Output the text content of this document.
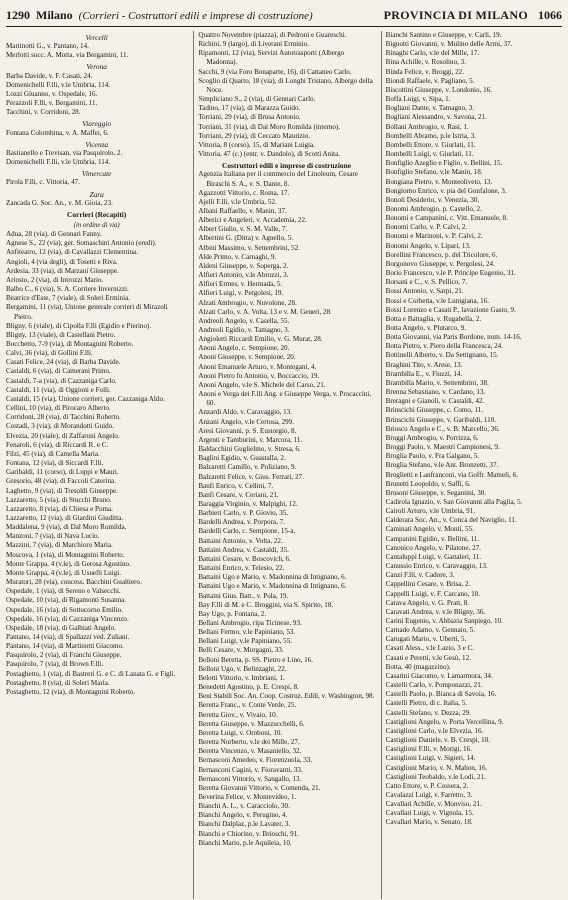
1290 Milano (Corrieri - Costruttori edili e imprese di costruzione)	PROVINCIA DI MILANO 1066
Vercelli
Martinotti G., v. Pantano, 14.
Merlotti succ. A. Motta, via Bergamini, 11.
Verona
Barba Davide, v. F. Casati, 24.
Domenichelli F.lli, v.le Umbria, 114.
Lozzi Giuanno, v. Ospedale, 16.
Perazzoli F.lli, v. Bergamini, 11.
Tacchini, v. Corridoni, 28.
Viareggio
Fontana Colombina, v. A. Maffei, 6.
Vicenza
Bastianello e Trevisan, via Pasquirolo, 2.
Domenichelli F.lli, v.le Umbria, 114.
Vimercate
Pirola F.lli, c. Vittoria, 47.
Zara
Zancada G. Soc. An., v. M. Gioia, 23.
Corrieri (Recapiti)
(in ordine di via)
Adua, 28 (via), di Gennari Fanny.
Agnese S., 22 (via), ger. Somaschini Antonio (eredi).
Anfiteatro, 12 (via), di Cavallazzi Clementina.
Angioli, 4 (via degli), di Tosetti e Riva.
Ardesia, 33 (via), di Marzani Giuseppe.
Ariosto, 2 (via), di Introzzi Mario.
Balbo C., 6 (via), S. A. Corriere Invernizzi.
Beatrice d'Este, 7 (viale), di Soleri Erminia.
Bergamini, 11 (via), Unione generale corrieri di Mirazoli Pietro.
Bligny, 6 (viale), di Cipolla F.lli (Egidio e Pierino).
Bligny, 13 (viale), di Castellani Pietro.
Bocchetto, 7-9 (via), di Montagnini Roberto.
Calvi, 36 (via), di Gollini F.lli.
Casati Felice, 24 (via), di Barba Davide.
Castaldi, 6 (via), di Camerani Primo.
Castaldi, 7-a (via), di Cazzaniga Carlo.
Castaldi, 11 (via), di Oggioni e Folli.
Castaldi, 15 (via), Unione corrieri, ger. Cazzaniga Aldo.
Cellini, 10 (via), di Pirocaro Alberto.
Corridoni, 28 (via), di Tacchini Roberto.
Costadi, 3 (via), di Morandotti Guido.
Elvezia, 20 (viale), di Zaffaroni Angelo.
Fenaroli, 6 (via), di Riccardi R. e C.
Filzi, 45 (via), di Camella Maria.
Fontana, 12 (via), di Siccardi F.lli.
Garibaldi, 11 (corso), di Luppi e Mauri.
Gresorio, 48 (via), di Faccoli Caterina.
Laghetto, 9 (via), di Tresoldi Giuseppe.
Lazzaretto, 5 (via), di Stucchi Bruno.
Lazzaretto, 8 (via), di Chiesa e Poma.
Lazzaretto, 12 (via), di Giardini Giuditta.
Maddalena, 9 (via), di Dal Moro Romilda.
Manzoni, 7 (via), di Nava Lucio.
Mazzini, 7 (via), di Marchioro Maria.
Moscova, 1 (via), di Montagnini Roberto.
Monte Grappa, 4 (v.le), di Gerosa Agostino.
Monte Grappa, 4 (v.le), di Usuelli Luigi.
Muratori, 28 (via), concess. Bacchini Gualtiero.
Ospedale, 1 (via), di Sereno e Valsecchi.
Ospedale, 10 (via), di Rigamonti Susanna.
Ospedale, 16 (via), di Sottocorno Emilio.
Ospedale, 16 (via), di Cazzaniga Vincenzo.
Ospedale, 18 (via), di Galbiati Angelo.
Pantano, 14 (via), di Spallazzi ved. Zuliani.
Pantano, 14 (via), di Martinotti Giacomo.
Pasquirolo, 2 (via), di Franchi Giuseppe.
Pasquirolo, 7 (via), di Brown F.lli.
Postaghetto, 1 (via), di Bastreri G. e C. di Lanata G. e Figli.
Postaghetto, 8 (via), di Soleri Maria.
Postaghetto, 12 (via), di Montagnini Roberto.
Quattro Novembre (piazza), di Pedroni e Guareschi.
Richini, 9 (largo), di Liverani Erminio.
Ripamonti, 12 (via), Servizi Autotrasporti (Albergo Madonna).
Sacchi, 9 (via Foro Bonaparte, 16), di Cattaneo Carlo.
Scoglio di Quarto, 18 (via), di Longhi Tristano, Albergo della Noce.
Simpliciano S., 2 (via), di Gennari Carlo.
Tadino, 17 (via), di Marazza Guido.
Torriani, 29 (via), di Brusa Antonio.
Torriani, 31 (via), di Dal Moro Romilda (interno).
Torriani, 29 (via), di Ceccato Maurizio.
Vittoria, 8 (corso), 15, di Mariani Luigia.
Vittoria, 47 (c.) (entr. v. Dandolo), di Scotti Anita.
Costruttori edili e imprese di costruzione
Agenzia Italiana per il commercio del Linoleum, Cesare Biraschi S. A., v. S. Dante, 8.
Agazzotti Vittorio, c. Roma, 17.
Ajelli F.lli, v.le Umbria, 52.
Albani Raffaello, v. Manin, 37.
Alberici e Angeleri, v. Accademia, 22.
Albert Giulio, v. S. M. Valle, 7.
Albertini G. (Ditta) v. Agnello, 5.
Albini Massimo, v. Settembrini, 52.
Alde Primo, v. Carnaghi, 9.
Aldeni Giuseppe, v. Soperga, 2.
Alfieri Antonio, v.le Abruzzi, 3.
Alfieri Ermes, v. Hermada, 5.
Alfieri Luigi, v. Pergolesi, 19.
Alzati Ambrogio, v. Nuvolone, 28.
Alzati Carlo, v. A. Volta, 13 e v. M. Generi, 28.
Andreoli Angelo, v. Casella, 55.
Andreoli Egidio, v. Tamagno, 3.
Angioletti Riccardi Emilio, v. G. Murat, 28.
Anoni Angelo, c. Sempione, 20.
Anoni Giuseppe, v. Sempione, 20.
Anoni Emanuele Arturo, v. Montegani, 4.
Anoni Pietro fu Antonio, v. Boccaccio, 19.
Anoni Angelo, v.le S. Michele del Carso, 21.
Anoni e Verga dei F.lli Ang. e Giuseppe Verga, v. Procaccini, 60.
Anzardi Aldo, v. Caravaggio, 13.
Anzani Angelo, v.le Certosa, 299.
Aresi Giovanni, p. S. Eustorgio, 8.
Argenti e Tamburini, v. Marcora, 11.
Baldacchini Guglielmo, v. Stresa, 6.
Baglini Egidio, v. Guastalla, 2.
Balzaretti Camillo, v. Poliziano, 9.
Balzaretti Felice, v. Gius. Ferrari, 27.
Banfi Enrico, v. Cellini, 7.
Banfi Cesare, v. Ceriani, 21.
Baraggia Virginio, v. Malpighi, 12.
Barbieri Carlo, v. P. Giovio, 35.
Bardelli Andrea, v. Porpora, 7.
Bardelli Carlo, c. Sempione, 15-a.
Battaini Antonio, v. Volta, 22.
Battaini Andrea, v. Castaldi, 35.
Battaini Cesare, v. Boscovich, 6.
Battaini Enrico, v. Telesio, 22.
Battaini Ugo e Mario, v. Madonnina di Intignano, 6.
Battaini Ugo e Mario, v. Madonnina di Intignano, 6.
Battaini Gius. Batt., v. Pola, 19.
Bay F.lli di M. e C. Broggini, via S. Spirito, 18.
Bay Ugo, p. Fontana, 2.
Bellani Ambrogio, ripa Ticinese, 93.
Bellani Fermo, v.le Papiniano, 53.
Bellani Luigi, v.le Papiniano, 55.
Belli Cesare, v. Morgagni, 33.
Belloni Beretta, p. SS. Pietro e Lino, 16.
Belloni Ugo, v. Belinzaghi, 22.
Belotti Vittorio, v. Imbriani, 1.
Benedetti Agostino, p. E. Crespi, 8.
Beni Stabili Soc. An. Coop. Costruz. Edili, v. Washington, 98.
Beretta Franc., v. Conte Verde, 25.
Beretta Giov., v. Vivaio, 10.
Beretta Giuseppe, v. Mazzucchelli, 6.
Beretta Luigi, v. Oroboni, 10.
Beretta Norberto, v.le dei Mille, 27.
Beretta Vincenzo, v. Masaniello, 32.
Bernasconi Amedeo, v. Fiorenzuola, 33.
Bernasconi Cagini, v. Fioravanti, 33.
Bernasconi Vittorio, v. Sangallo, 13.
Beretta Giovanni Vittorio, v. Comenda, 21.
Beverina Felice, v. Montevideo, 1.
Bianchi A. L., v. Caracciolo, 30.
Bianchi Angelo, v. Perugino, 4.
Bianchi Dalplaz, p.le Lavater, 3.
Bianchi e Chiorino, v. Brioschi, 91.
Bianchi Mario, p.le Aquileia, 10.
Bianchi Santino e Giuseppe, v. Carli, 19.
Bignotti Giovanni, v. Mulino delle Armi, 37.
Binaghi Carlo, v.le del Mille, 17.
Bina Achille, v. Rosolino, 3.
Binda Felice, v. Broggi, 22.
Biondi Raffaele, v. Pagliano, 5.
Biscottini Giuseppe, v. Londonio, 16.
Boffa Luigi, v. Sipa, 1.
Bogliani Dante, v. Tamagno, 3.
Bogliani Alessandro, v. Savona, 21.
Bollani Ambrogio, v. Rasi, 1.
Bombelli Abramo, p.le Istria, 3.
Bombelli Ettore, v. Giurlati, 11.
Bombelli Luigi, v. Giurlati, 11.
Bonfiglio Azeglio e Figlio, v. Bellini, 15.
Bonfiglio Stefano, v.le Manin, 18.
Bongiana Pietro, v. Monteoliveto, 13.
Bongiorno Enrico, v. pia del Gonfalone, 3.
Bonoli Desiderio, v. Venezia, 30.
Bonomi Ambrogio, p. Castello, 2.
Bonomi e Campanini, c. Vitt. Emanuele, 8.
Bonomi Carlo, v. P. Calvi, 2.
Bonomi e Marinoni, v. P. Calvi, 2.
Bonomi Angelo, v. Lipari, 13.
Borellini Francesco, p. del Tricolore, 6.
Borgonovo Giuseppe, v. Pergolesi, 24.
Borio Francesco, v.le P. Principe Eugenio, 31.
Borsani e C., v. S. Pellico, 7.
Bossi Antonio, v. Sarpi, 21.
Bossi e Corbetta, v.le Lunigiana, 16.
Bossi Lorenzo e Casati P., lavazione Gasto, 9.
Botta e Battaglia, v. Rugabella, 2.
Botta Angelo, v. Plutarco, 9.
Botta Giovanni, via Paris Bordone, num. 14-16.
Botta Pietro, v. Piero della Francesca, 24.
Bottinelli Alberto, v. Da Settignano, 15.
Braghini Tito, v. Arese, 13.
Brambilla E., v. Fiuzzi, 14.
Brambilla Mario, v. Settembrini, 38.
Brenna Sebastiano, v. Cardano, 13.
Breragni e Gianoli, v. Castaldi, 42.
Brinscichi Giuseppe, c. Como, 11.
Brinscichi Giuseppe, v. Garibaldi, 110.
Briosco Angelo e C., v. B. Marcello, 36.
Broggi Ambrogio, v. Porrizza, 6.
Broggi Paolo, v. Maestri Campionesi, 9.
Broglia Paolo, v. Fra Galgano, 5.
Broglia Stefano, v.le Ant. Bronzetti, 37.
Broglietti e Lanfranconi, via Goffr. Mameli, 6.
Brunetti Leopoldo, v. Saffi, 6.
Brusoni Giuseppe, v. Segantini, 30.
Cadirola Ignazio, v. San Giovanni alla Paglia, 5.
Cairoli Arturo, v.le Umbria, 91.
Calderara Soc. An., v. Conca del Naviglio, 11.
Caminati Angelo, v. Monti, 55.
Campanini Egidio, v. Bellini, 11.
Canonico Angelo, v. Pilatone, 27.
Cantaluppi Luigi, v. Gattaleri, 11.
Canussio Enrico, v. Caravaggio, 13.
Canzi F.lli, v. Cadore, 3.
Cappellini Cesare, v. Brisa, 2.
Cappelli Luigi, v. F. Carcano, 10.
Carava Angelo, v. G. Pratt, 8.
Caravati Andrea, v. v.le Bligny, 36.
Carini Eugenio, v. Abbazia Sanpiego, 10.
Carnado Adamo, v. Gennaio, 5.
Carugati Mario, v. Uberti, 5.
Casati Aless., v.le Lazio, 3 e C.
Casati e Peretti, v.le Gesù, 12.
Botta, 40 (magazzino).
Casarini Giacomo, v. Lamarmora, 34.
Castelli Carlo, v. Pomponazzi, 21.
Castelli Paolo, p. Bianca di Savoia, 16.
Castelli Pietro, di c. Italia, 5.
Castelli Stefano, v. Dezza, 29.
Castiglioni Angelo, v. Porta Vercellina, 9.
Castiglioni Carlo, v.le Elvezia, 16.
Castiglioni Daniele, v. B. Crespi, 10.
Castiglioni F.lli, v. Morigi, 16.
Castiglioni Luigi, v. Sigieri, 14.
Castiglioni Mario, v. N. Mahon, 16.
Castiglioni Teobaldo, v.le Lodi, 21.
Catto Ettore, v. P. Cossera, 2.
Cavalazzi Luigi, v. Farretto, 3.
Cavallari Achille, v. Monviso, 21.
Cavallari Luigi, v. Vignola, 15.
Cavallari Mario, v. Senato, 18.
